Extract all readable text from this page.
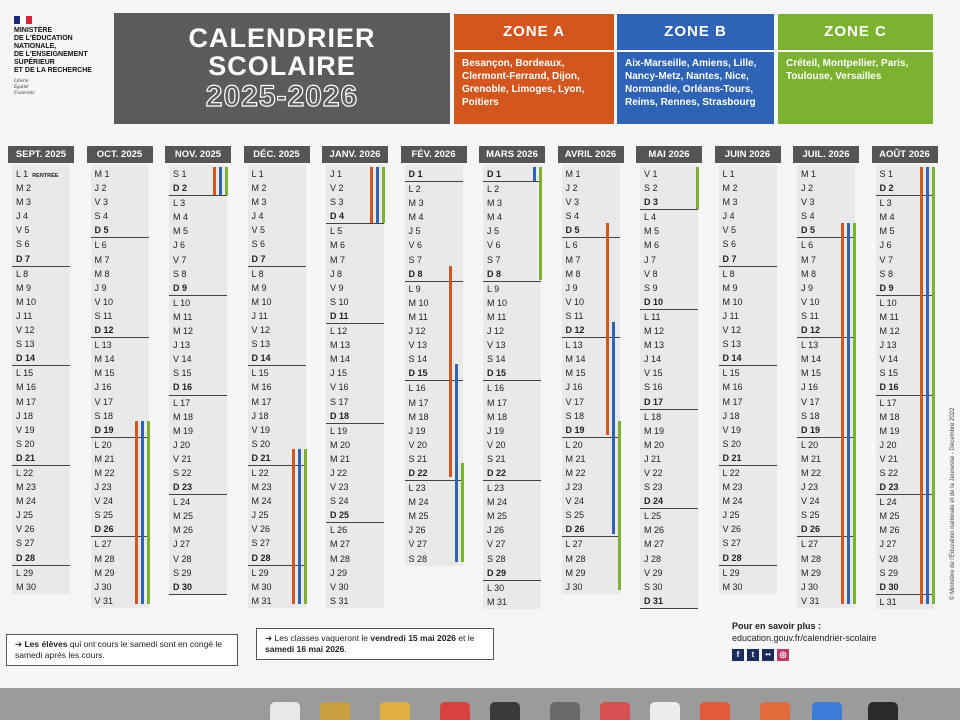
MINISTÈRE
DE L'ÉDUCATION
NATIONALE,
DE L'ENSEIGNEMENT
SUPÉRIEUR
ET DE LA RECHERCHE
Liberté
Égalité
Fraternité
CALENDRIER
SCOLAIRE
2025-2026
ZONE A
Besançon, Bordeaux, Clermont-Ferrand, Dijon, Grenoble, Limoges, Lyon, Poitiers
ZONE B
Aix-Marseille, Amiens, Lille, Nancy-Metz, Nantes, Nice, Normandie, Orléans-Tours, Reims, Rennes, Strasbourg
ZONE C
Créteil, Montpellier, Paris, Toulouse, Versailles
SEPT. 2025
L 1 RENTRÉE
M 2
M 3
J 4
V 5
S 6
D 7
L 8
M 9
M 10
J 11
V 12
S 13
D 14
L 15
M 16
M 17
J 18
V 19
S 20
D 21
L 22
M 23
M 24
J 25
V 26
S 27
D 28
L 29
M 30
OCT. 2025
M 1
J 2
V 3
S 4
D 5
L 6
M 7
M 8
J 9
V 10
S 11
D 12
L 13
M 14
M 15
J 16
V 17
S 18
D 19
L 20
M 21
M 22
J 23
V 24
S 25
D 26
L 27
M 28
M 29
J 30
V 31
NOV. 2025
S 1
D 2
L 3
M 4
M 5
J 6
V 7
S 8
D 9
L 10
M 11
M 12
J 13
V 14
S 15
D 16
L 17
M 18
M 19
J 20
V 21
S 22
D 23
L 24
M 25
M 26
J 27
V 28
S 29
D 30
DÉC. 2025
L 1
M 2
M 3
J 4
V 5
S 6
D 7
L 8
M 9
M 10
J 11
V 12
S 13
D 14
L 15
M 16
M 17
J 18
V 19
S 20
D 21
L 22
M 23
M 24
J 25
V 26
S 27
D 28
L 29
M 30
M 31
JANV. 2026
J 1
V 2
S 3
D 4
L 5
M 6
M 7
J 8
V 9
S 10
D 11
L 12
M 13
M 14
J 15
V 16
S 17
D 18
L 19
M 20
M 21
J 22
V 23
S 24
D 25
L 26
M 27
M 28
J 29
V 30
S 31
FÉV. 2026
D 1
L 2
M 3
M 4
J 5
V 6
S 7
D 8
L 9
M 10
M 11
J 12
V 13
S 14
D 15
L 16
M 17
M 18
J 19
V 20
S 21
D 22
L 23
M 24
M 25
J 26
V 27
S 28
MARS 2026
D 1
L 2
M 3
M 4
J 5
V 6
S 7
D 8
L 9
M 10
M 11
J 12
V 13
S 14
D 15
L 16
M 17
M 18
J 19
V 20
S 21
D 22
L 23
M 24
M 25
J 26
V 27
S 28
D 29
L 30
M 31
AVRIL 2026
M 1
J 2
V 3
S 4
D 5
L 6
M 7
M 8
J 9
V 10
S 11
D 12
L 13
M 14
M 15
J 16
V 17
S 18
D 19
L 20
M 21
M 22
J 23
V 24
S 25
D 26
L 27
M 28
M 29
J 30
MAI 2026
V 1
S 2
D 3
L 4
M 5
M 6
J 7
V 8
S 9
D 10
L 11
M 12
M 13
J 14
V 15
S 16
D 17
L 18
M 19
M 20
J 21
V 22
S 23
D 24
L 25
M 26
M 27
J 28
V 29
S 30
D 31
JUIN 2026
L 1
M 2
M 3
J 4
V 5
S 6
D 7
L 8
M 9
M 10
J 11
V 12
S 13
D 14
L 15
M 16
M 17
J 18
V 19
S 20
D 21
L 22
M 23
M 24
J 25
V 26
S 27
D 28
L 29
M 30
JUIL. 2026
M 1
J 2
V 3
S 4
D 5
L 6
M 7
M 8
J 9
V 10
S 11
D 12
L 13
M 14
M 15
J 16
V 17
S 18
D 19
L 20
M 21
M 22
J 23
V 24
S 25
D 26
L 27
M 28
M 29
J 30
V 31
AOÛT 2026
S 1
D 2
L 3
M 4
M 5
J 6
V 7
S 8
D 9
L 10
M 11
M 12
J 13
V 14
S 15
D 16
L 17
M 18
M 19
J 20
V 21
S 22
D 23
L 24
M 25
M 26
J 27
V 28
S 29
D 30
L 31
➔ Les élèves qui ont cours le samedi sont en congé le samedi après les cours.
➔ Les classes vaqueront le vendredi 15 mai 2026 et le samedi 16 mai 2026.
Pour en savoir plus :
education.gouv.fr/calendrier-scolaire
f	t	••	◎
© Ministère de l'Éducation nationale et de la Jeunesse - Décembre 2022
